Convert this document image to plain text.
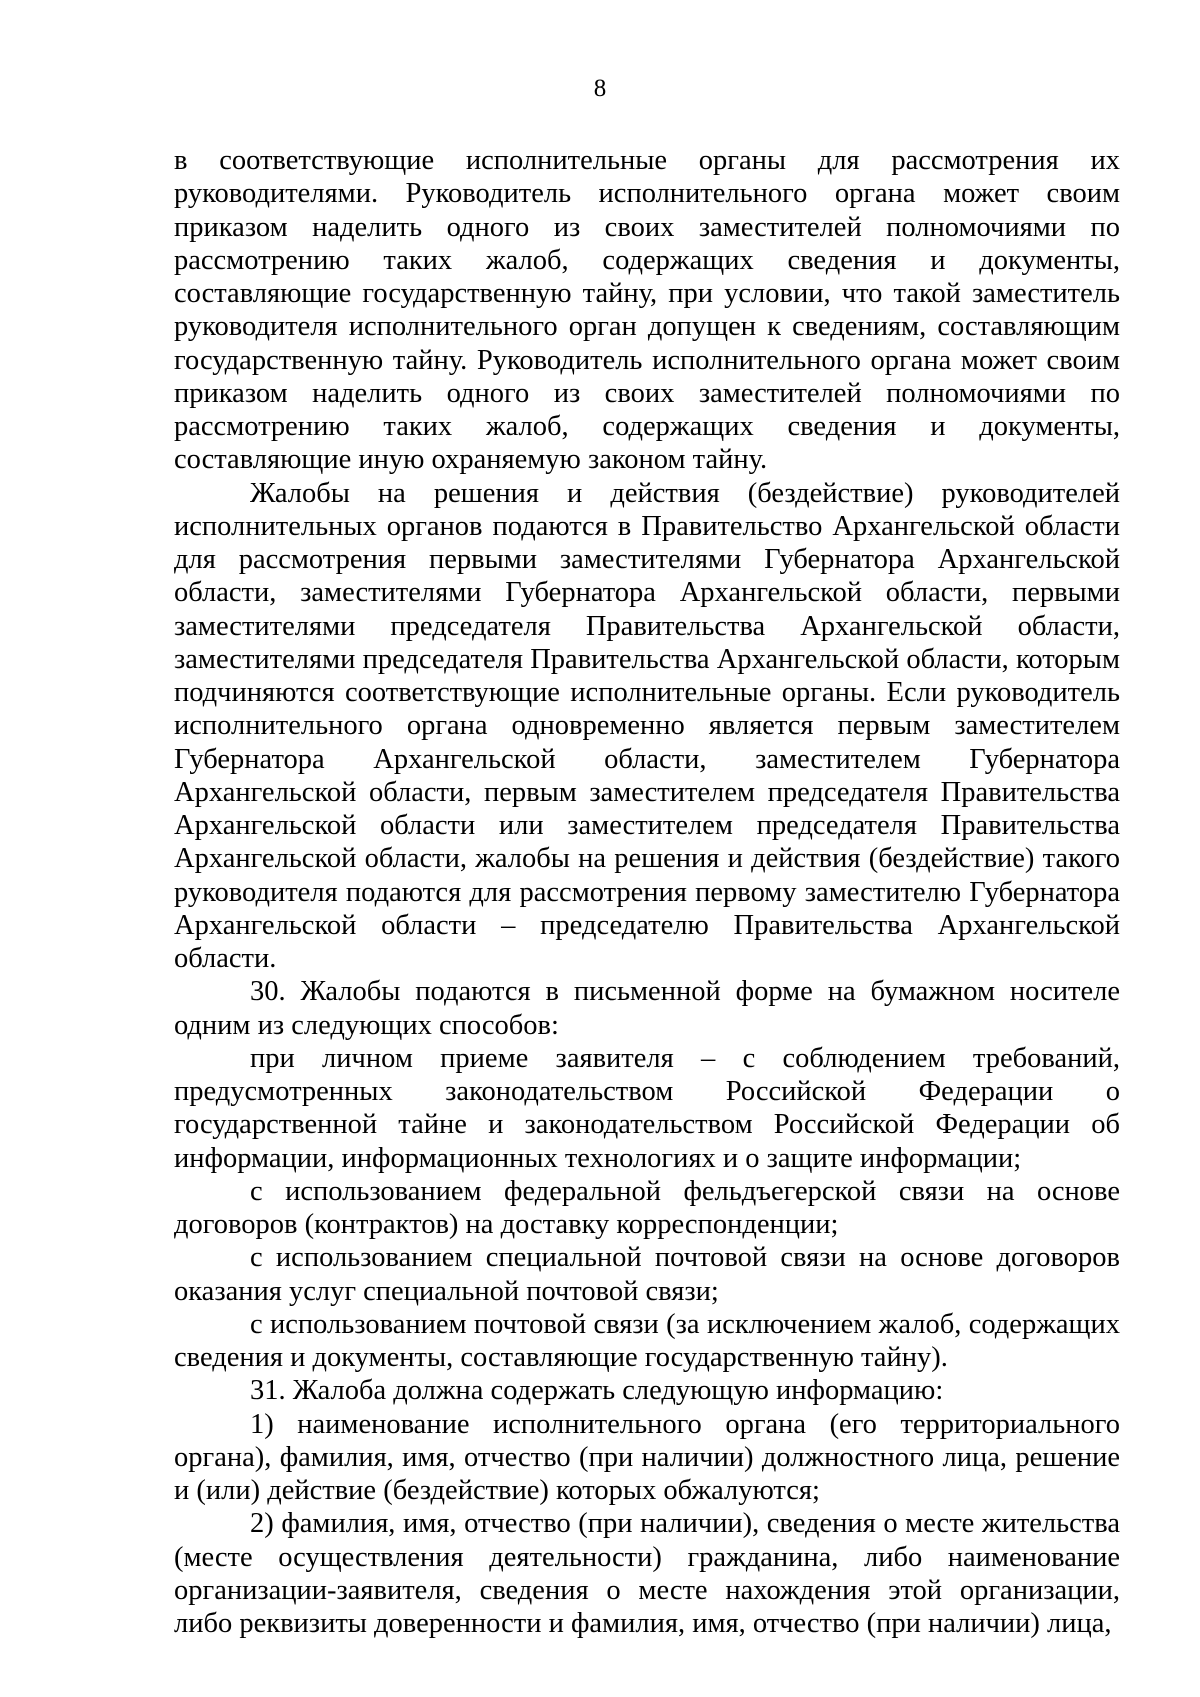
8

в соответствующие исполнительные органы для рассмотрения их руководителями. Руководитель исполнительного органа может своим приказом наделить одного из своих заместителей полномочиями по рассмотрению таких жалоб, содержащих сведения и документы, составляющие государственную тайну, при условии, что такой заместитель руководителя исполнительного орган допущен к сведениям, составляющим государственную тайну. Руководитель исполнительного органа может своим приказом наделить одного из своих заместителей полномочиями по рассмотрению таких жалоб, содержащих сведения и документы, составляющие иную охраняемую законом тайну.

Жалобы на решения и действия (бездействие) руководителей исполнительных органов подаются в Правительство Архангельской области для рассмотрения первыми заместителями Губернатора Архангельской области, заместителями Губернатора Архангельской области, первыми заместителями председателя Правительства Архангельской области, заместителями председателя Правительства Архангельской области, которым подчиняются соответствующие исполнительные органы. Если руководитель исполнительного органа одновременно является первым заместителем Губернатора Архангельской области, заместителем Губернатора Архангельской области, первым заместителем председателя Правительства Архангельской области или заместителем председателя Правительства Архангельской области, жалобы на решения и действия (бездействие) такого руководителя подаются для рассмотрения первому заместителю Губернатора Архангельской области – председателю Правительства Архангельской области.

30. Жалобы подаются в письменной форме на бумажном носителе одним из следующих способов:

при личном приеме заявителя – с соблюдением требований, предусмотренных законодательством Российской Федерации о государственной тайне и законодательством Российской Федерации об информации, информационных технологиях и о защите информации;

с использованием федеральной фельдъегерской связи на основе договоров (контрактов) на доставку корреспонденции;

с использованием специальной почтовой связи на основе договоров оказания услуг специальной почтовой связи;

с использованием почтовой связи (за исключением жалоб, содержащих сведения и документы, составляющие государственную тайну).

31. Жалоба должна содержать следующую информацию:

1) наименование исполнительного органа (его территориального органа), фамилия, имя, отчество (при наличии) должностного лица, решение и (или) действие (бездействие) которых обжалуются;

2) фамилия, имя, отчество (при наличии), сведения о месте жительства (месте осуществления деятельности) гражданина, либо наименование организации-заявителя, сведения о месте нахождения этой организации, либо реквизиты доверенности и фамилия, имя, отчество (при наличии) лица,
